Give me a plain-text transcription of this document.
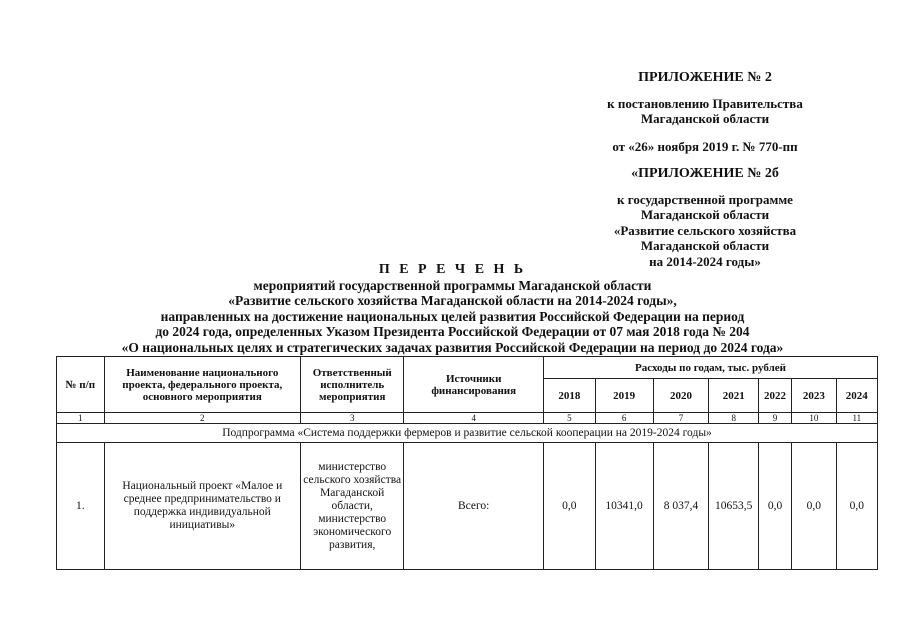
ПРИЛОЖЕНИЕ № 2
к постановлению Правительства
Магаданской области
от «26» ноября 2019 г. № 770-пп
«ПРИЛОЖЕНИЕ № 2б
к государственной программе
Магаданской области
«Развитие сельского хозяйства
Магаданской области
на 2014-2024 годы»
П Е Р Е Ч Е Н Ь
мероприятий государственной программы Магаданской области
«Развитие сельского хозяйства Магаданской области на 2014-2024 годы»,
направленных на достижение национальных целей развития Российской Федерации на период
до 2024 года, определенных Указом Президента Российской Федерации от 07 мая 2018 года № 204
«О национальных целях и стратегических задачах развития Российской Федерации на период до 2024 года»
№ п/п	Наименование национального проекта, федерального проекта, основного мероприятия	Ответственный исполнитель мероприятия	Источники финансирования	Расходы по годам, тыс. рублей						
				2018	2019	2020	2021	2022	2023	2024
1	2	3	4	5	6	7	8	9	10	11
Подпрограмма «Система поддержки фермеров и развитие сельской кооперации на 2019-2024 годы»										
1.	Национальный проект «Малое и среднее предпринимательство и поддержка индивидуальной инициативы»	министерство сельского хозяйства Магаданской области, министерство экономического развития,	Всего:	0,0	10341,0	8 037,4	10653,5	0,0	0,0	0,0
